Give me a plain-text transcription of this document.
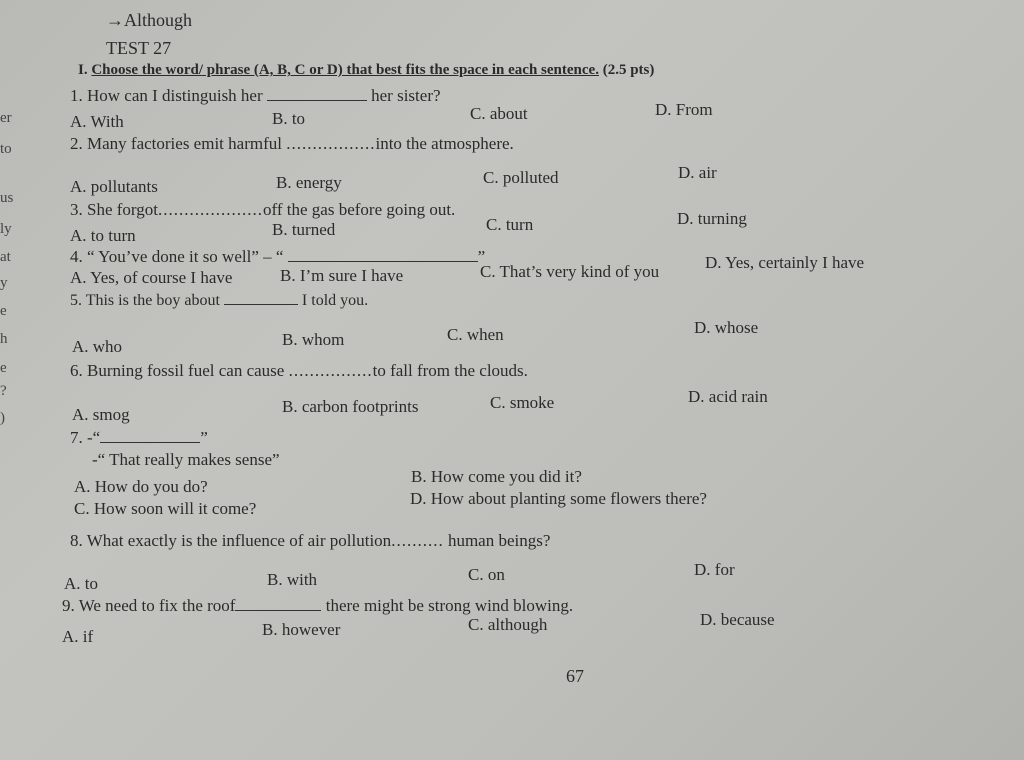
er
to
us
ly
at
y
e
h
e
?
)
→Although
TEST 27
I. Choose the word/ phrase (A, B, C or D) that best fits the space in each sentence. (2.5 pts)
1. How can I distinguish her	her sister?
A. With	B. to	C. about	D. From
2. Many factories emit harmful .................into the atmosphere.
A. pollutants	B. energy	C. polluted	D. air
3. She forgot....................off the gas before going out.
A. to turn	B. turned	C. turn	D. turning
4. “ You’ve done it so well” – “	”
A. Yes, of course I have	B. I’m sure I have	C. That’s very kind of you	D. Yes, certainly I have
5. This is the boy about	I told you.
A. who	B. whom	C. when	D. whose
6. Burning fossil fuel can cause ................to fall from the clouds.
A. smog	B. carbon footprints	C. smoke	D. acid rain
7. -“	”
-“ That really makes sense”
A. How do you do?
B. How come you did it?
C. How soon will it come?
D. How about planting some flowers there?
8. What exactly is the influence of air pollution.......... human beings?
A. to	B. with	C. on	D. for
9. We need to fix the roof	there might be strong wind blowing.
A. if	B. however	C. although	D. because
67
